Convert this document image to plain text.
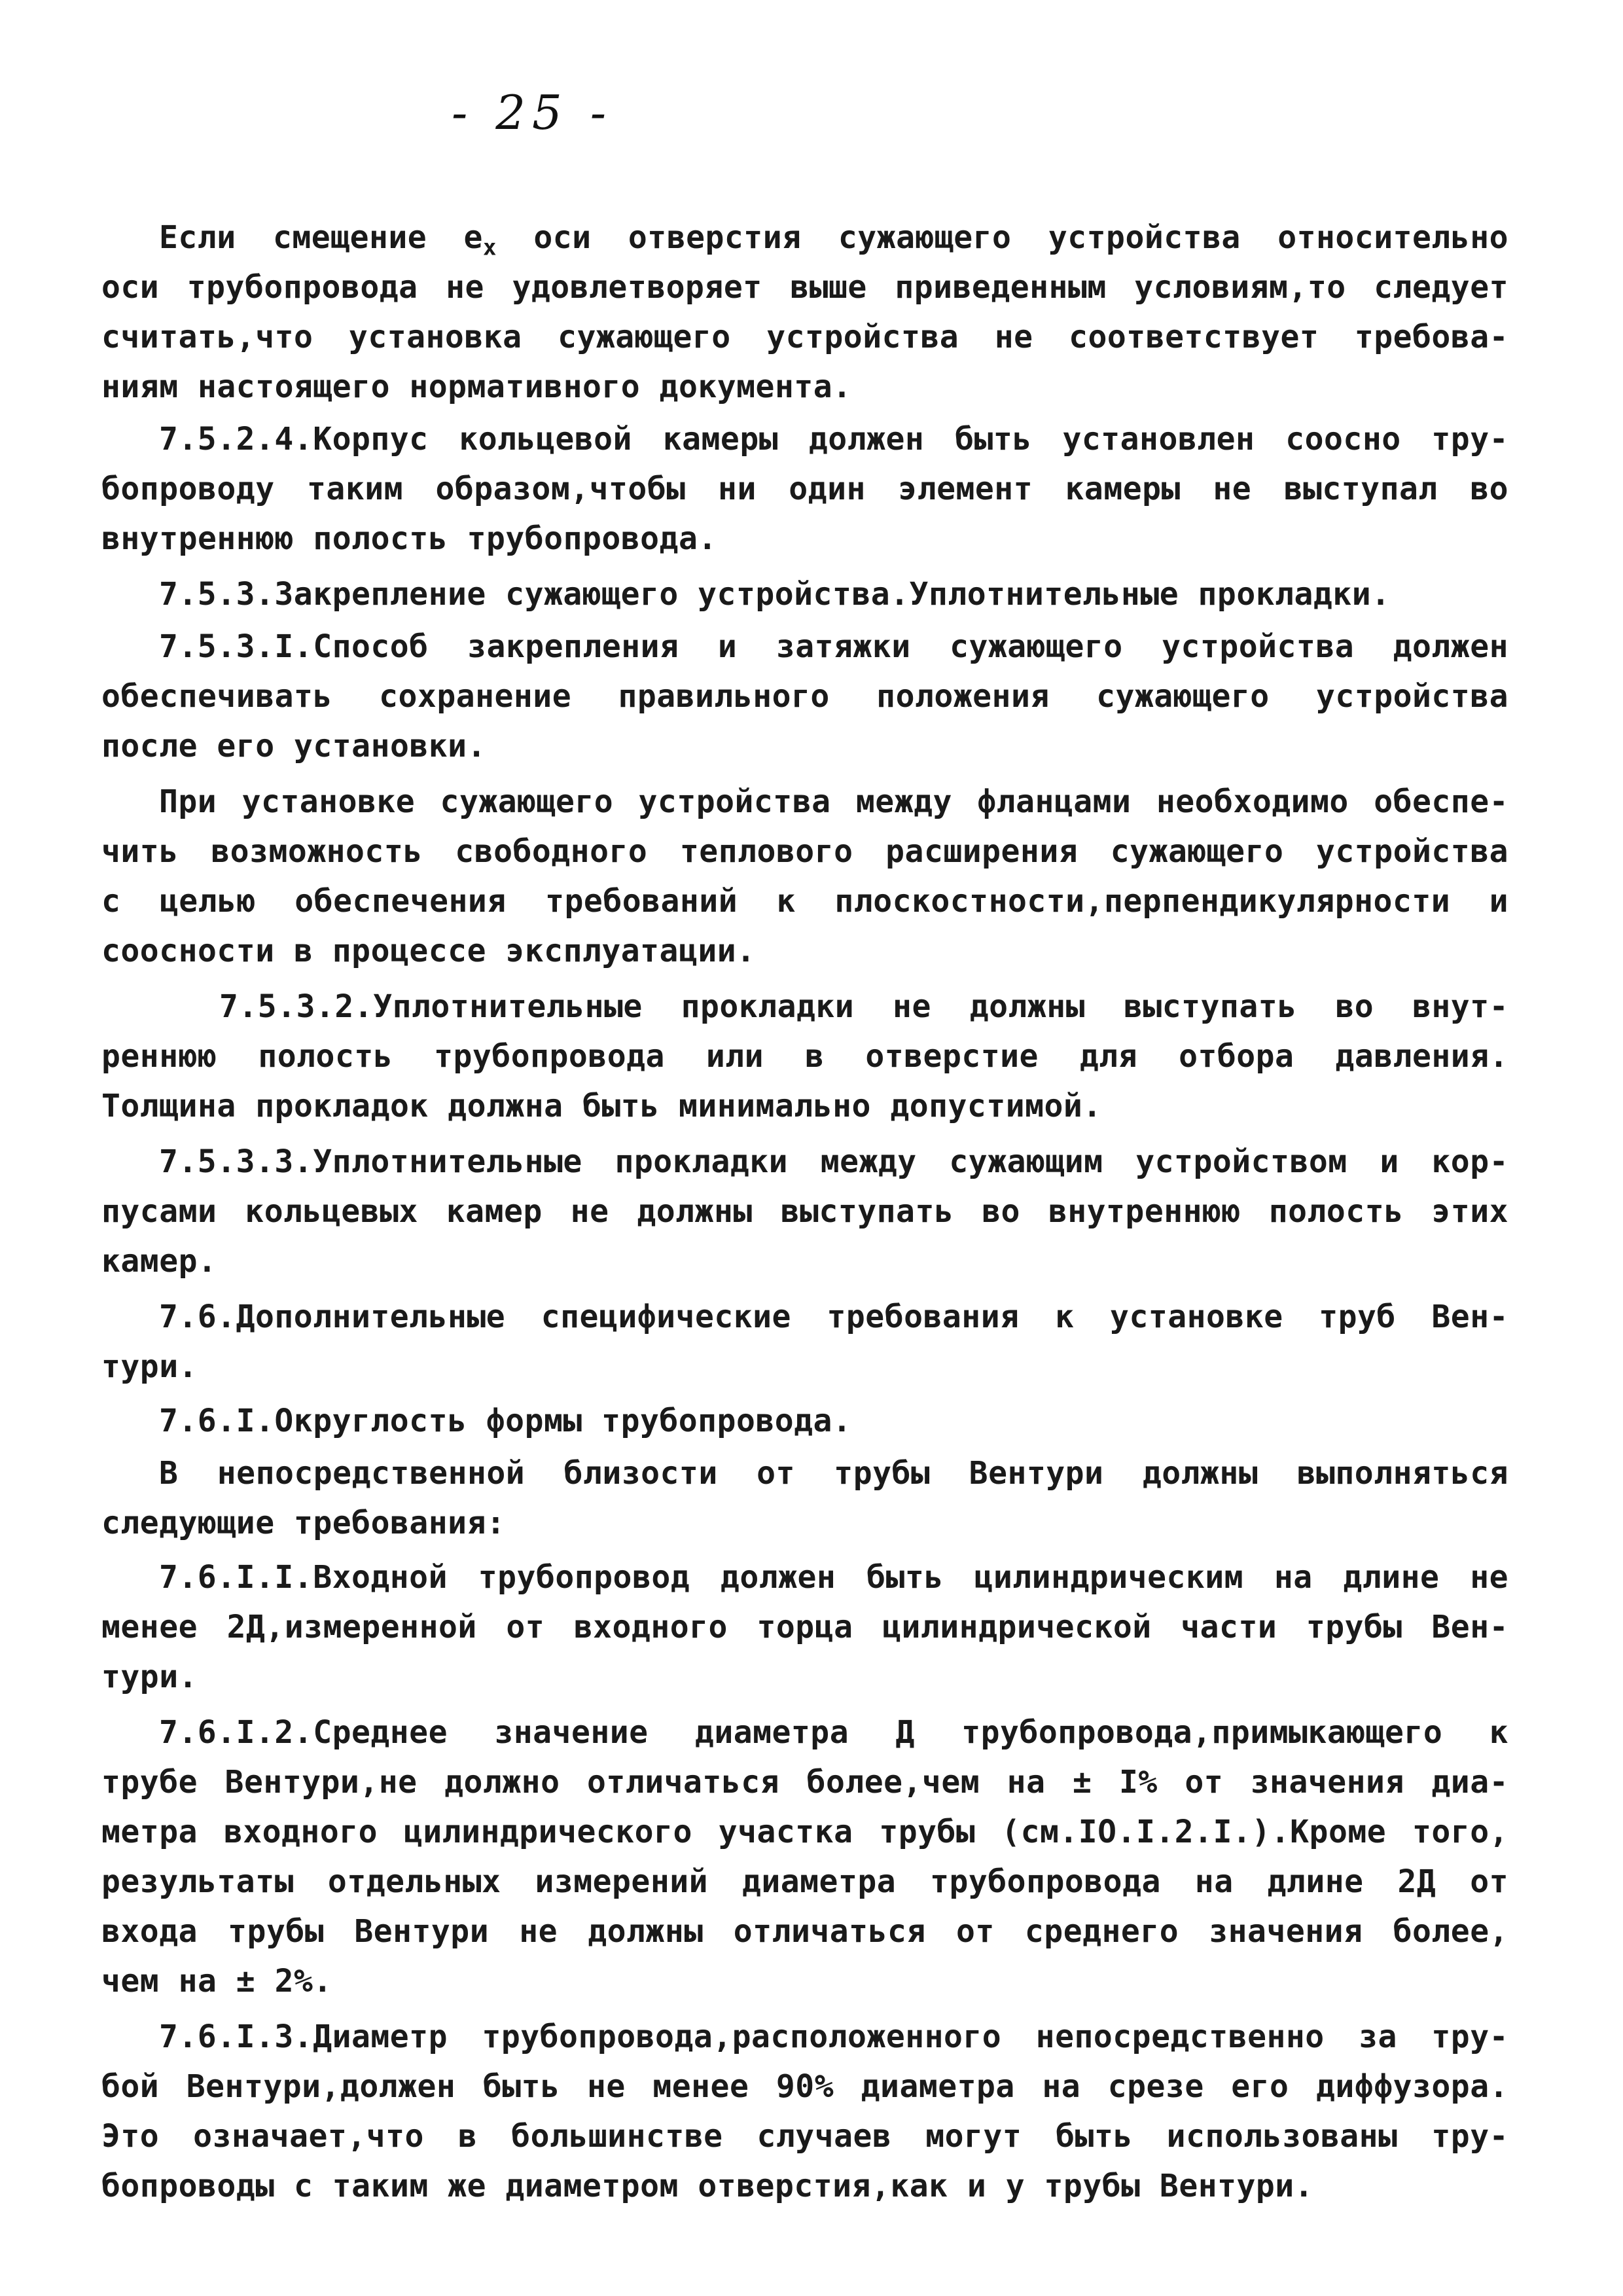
- 25 -
Если смещение $e_x$ оси отверстия сужающего устройства относительно
оси трубопровода не удовлетворяет выше приведенным условиям,то следует
считать,что установка сужающего устройства не соответствует требова-
ниям настоящего нормативного документа.
7.5.2.4.Корпус кольцевой камеры должен быть установлен соосно тру-
бопроводу таким образом,чтобы ни один элемент камеры не выступал во
внутреннюю полость трубопровода.
7.5.3.Закрепление сужающего устройства.Уплотнительные прокладки.
7.5.3.I.Способ закрепления и затяжки сужающего устройства должен
обеспечивать сохранение правильного положения сужающего устройства
после его установки.
При установке сужающего устройства между фланцами необходимо обеспе-
чить возможность свободного теплового расширения сужающего устройства
с целью обеспечения требований к плоскостности,перпендикулярности и
соосности в процессе эксплуатации.
7.5.3.2.Уплотнительные прокладки не должны выступать во внут-
реннюю полость трубопровода или в отверстие для отбора давления.
Толщина прокладок должна быть минимально допустимой.
7.5.3.3.Уплотнительные прокладки между сужающим устройством и кор-
пусами кольцевых камер не должны выступать во внутреннюю полость этих
камер.
7.6.Дополнительные специфические требования к установке труб Вен-
тури.
7.6.I.Округлость формы трубопровода.
В непосредственной близости от трубы Вентури должны выполняться
следующие требования:
7.6.I.I.Входной трубопровод должен быть цилиндрическим на длине не
менее 2Д,измеренной от входного торца цилиндрической части трубы Вен-
тури.
7.6.I.2.Среднее значение диаметра Д трубопровода,примыкающего к
трубе Вентури,не должно отличаться более,чем на ± I% от значения диа-
метра входного цилиндрического участка трубы (см.IO.I.2.I.).Кроме того,
результаты отдельных измерений диаметра трубопровода на длине 2Д от
входа трубы Вентури не должны отличаться от среднего значения более,
чем на ± 2%.
7.6.I.3.Диаметр трубопровода,расположенного непосредственно за тру-
бой Вентури,должен быть не менее 90% диаметра на срезе его диффузора.
Это означает,что в большинстве случаев могут быть использованы тру-
бопроводы с таким же диаметром отверстия,как и у трубы Вентури.
